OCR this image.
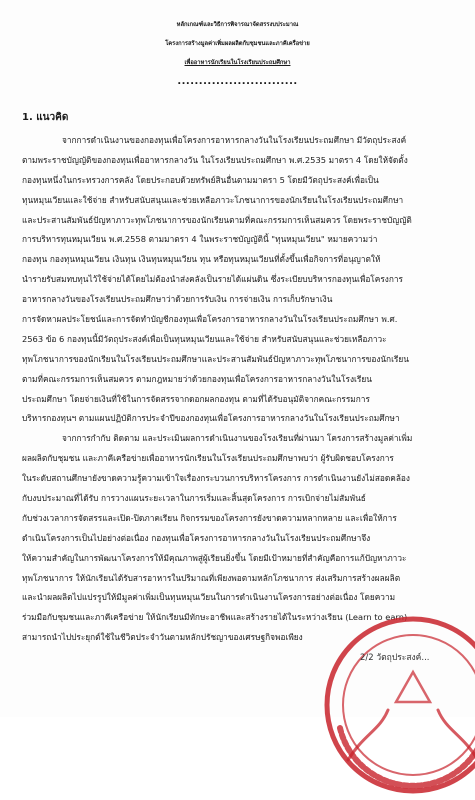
หลักเกณฑ์และวิธีการพิจารณาจัดสรรงบประมาณ
โครงการสร้างมูลค่าเพิ่มผลผลิตกับชุมชนและภาคีเครือข่าย
เพื่ออาหารนักเรียนในโรงเรียนประถมศึกษา
............................
1. แนวคิด
จากการดำเนินงานของกองทุนเพื่อโครงการอาหารกลางวันในโรงเรียนประถมศึกษา มีวัตถุประสงค์
ตามพระราชบัญญัติของกองทุนเพื่ออาหารกลางวัน ในโรงเรียนประถมศึกษา พ.ศ.2535 มาตรา 4 โดยให้จัดตั้ง
กองทุนหนึ่งในกระทรวงการคลัง โดยประกอบด้วยทรัพย์สินอื่นตามมาตรา 5 โดยมีวัตถุประสงค์เพื่อเป็น
ทุนหมุนเวียนและใช้จ่าย สำหรับสนับสนุนและช่วยเหลือภาวะโภชนาการของนักเรียนในโรงเรียนประถมศึกษา
และประสานสัมพันธ์ปัญหาภาวะทุพโภชนาการของนักเรียนตามที่คณะกรรมการเห็นสมควร โดยพระราชบัญญัติ
การบริหารทุนหมุนเวียน พ.ศ.2558 ตามมาตรา 4 ในพระราชบัญญัตินี้ "ทุนหมุนเวียน" หมายความว่า
กองทุน กองทุนหมุนเวียน เงินทุน เงินทุนหมุนเวียน ทุน หรือทุนหมุนเวียนที่ตั้งขึ้นเพื่อกิจการที่อนุญาตให้
นำรายรับสมทบทุนไว้ใช้จ่ายได้โดยไม่ต้องนำส่งคลังเป็นรายได้แผ่นดิน ซึ่งระเบียบบริหารกองทุนเพื่อโครงการ
อาหารกลางวันของโรงเรียนประถมศึกษาว่าด้วยการรับเงิน การจ่ายเงิน การเก็บรักษาเงิน
การจัดหาผลประโยชน์และการจัดทำบัญชีกองทุนเพื่อโครงการอาหารกลางวันในโรงเรียนประถมศึกษา พ.ศ.
2563 ข้อ 6 กองทุนนี้มีวัตถุประสงค์เพื่อเป็นทุนหมุนเวียนและใช้จ่าย สำหรับสนับสนุนและช่วยเหลือภาวะ
ทุพโภชนาการของนักเรียนในโรงเรียนประถมศึกษาและประสานสัมพันธ์ปัญหาภาวะทุพโภชนาการของนักเรียน
ตามที่คณะกรรมการเห็นสมควร ตามกฎหมายว่าด้วยกองทุนเพื่อโครงการอาหารกลางวันในโรงเรียน
ประถมศึกษา โดยจ่ายเงินที่ใช้ในการจัดสรรจากดอกผลกองทุน ตามที่ได้รับอนุมัติจากคณะกรรมการ
บริหารกองทุนฯ ตามแผนปฏิบัติการประจำปีของกองทุนเพื่อโครงการอาหารกลางวันในโรงเรียนประถมศึกษา
จากการกำกับ ติดตาม และประเมินผลการดำเนินงานของโรงเรียนที่ผ่านมา โครงการสร้างมูลค่าเพิ่ม
ผลผลิตกับชุมชน และภาคีเครือข่ายเพื่ออาหารนักเรียนในโรงเรียนประถมศึกษาพบว่า ผู้รับผิดชอบโครงการ
ในระดับสถานศึกษายังขาดความรู้ความเข้าใจเรื่องกระบวนการบริหารโครงการ การดำเนินงานยังไม่สอดคล้อง
กับงบประมาณที่ได้รับ การวางแผนระยะเวลาในการเริ่มและสิ้นสุดโครงการ การเบิกจ่ายไม่สัมพันธ์
กับช่วงเวลาการจัดสรรและเปิด-ปิดภาคเรียน กิจกรรมของโครงการยังขาดความหลากหลาย และเพื่อให้การ
ดำเนินโครงการเป็นไปอย่างต่อเนื่อง กองทุนเพื่อโครงการอาหารกลางวันในโรงเรียนประถมศึกษาจึง
ให้ความสำคัญในการพัฒนาโครงการให้มีคุณภาพสู่ผู้เรียนยิ่งขึ้น โดยมีเป้าหมายที่สำคัญคือการแก้ปัญหาภาวะ
ทุพโภชนาการ ให้นักเรียนได้รับสารอาหารในปริมาณที่เพียงพอตามหลักโภชนาการ ส่งเสริมการสร้างผลผลิต
และนำผลผลิตไปแปรรูปให้มีมูลค่าเพิ่มเป็นทุนหมุนเวียนในการดำเนินงานโครงการอย่างต่อเนื่อง โดยความ
ร่วมมือกับชุมชนและภาคีเครือข่าย ให้นักเรียนมีทักษะอาชีพและสร้างรายได้ในระหว่างเรียน (Learn to earn)
สามารถนำไปประยุกต์ใช้ในชีวิตประจำวันตามหลักปรัชญาของเศรษฐกิจพอเพียง
2/2 วัตถุประสงค์...
